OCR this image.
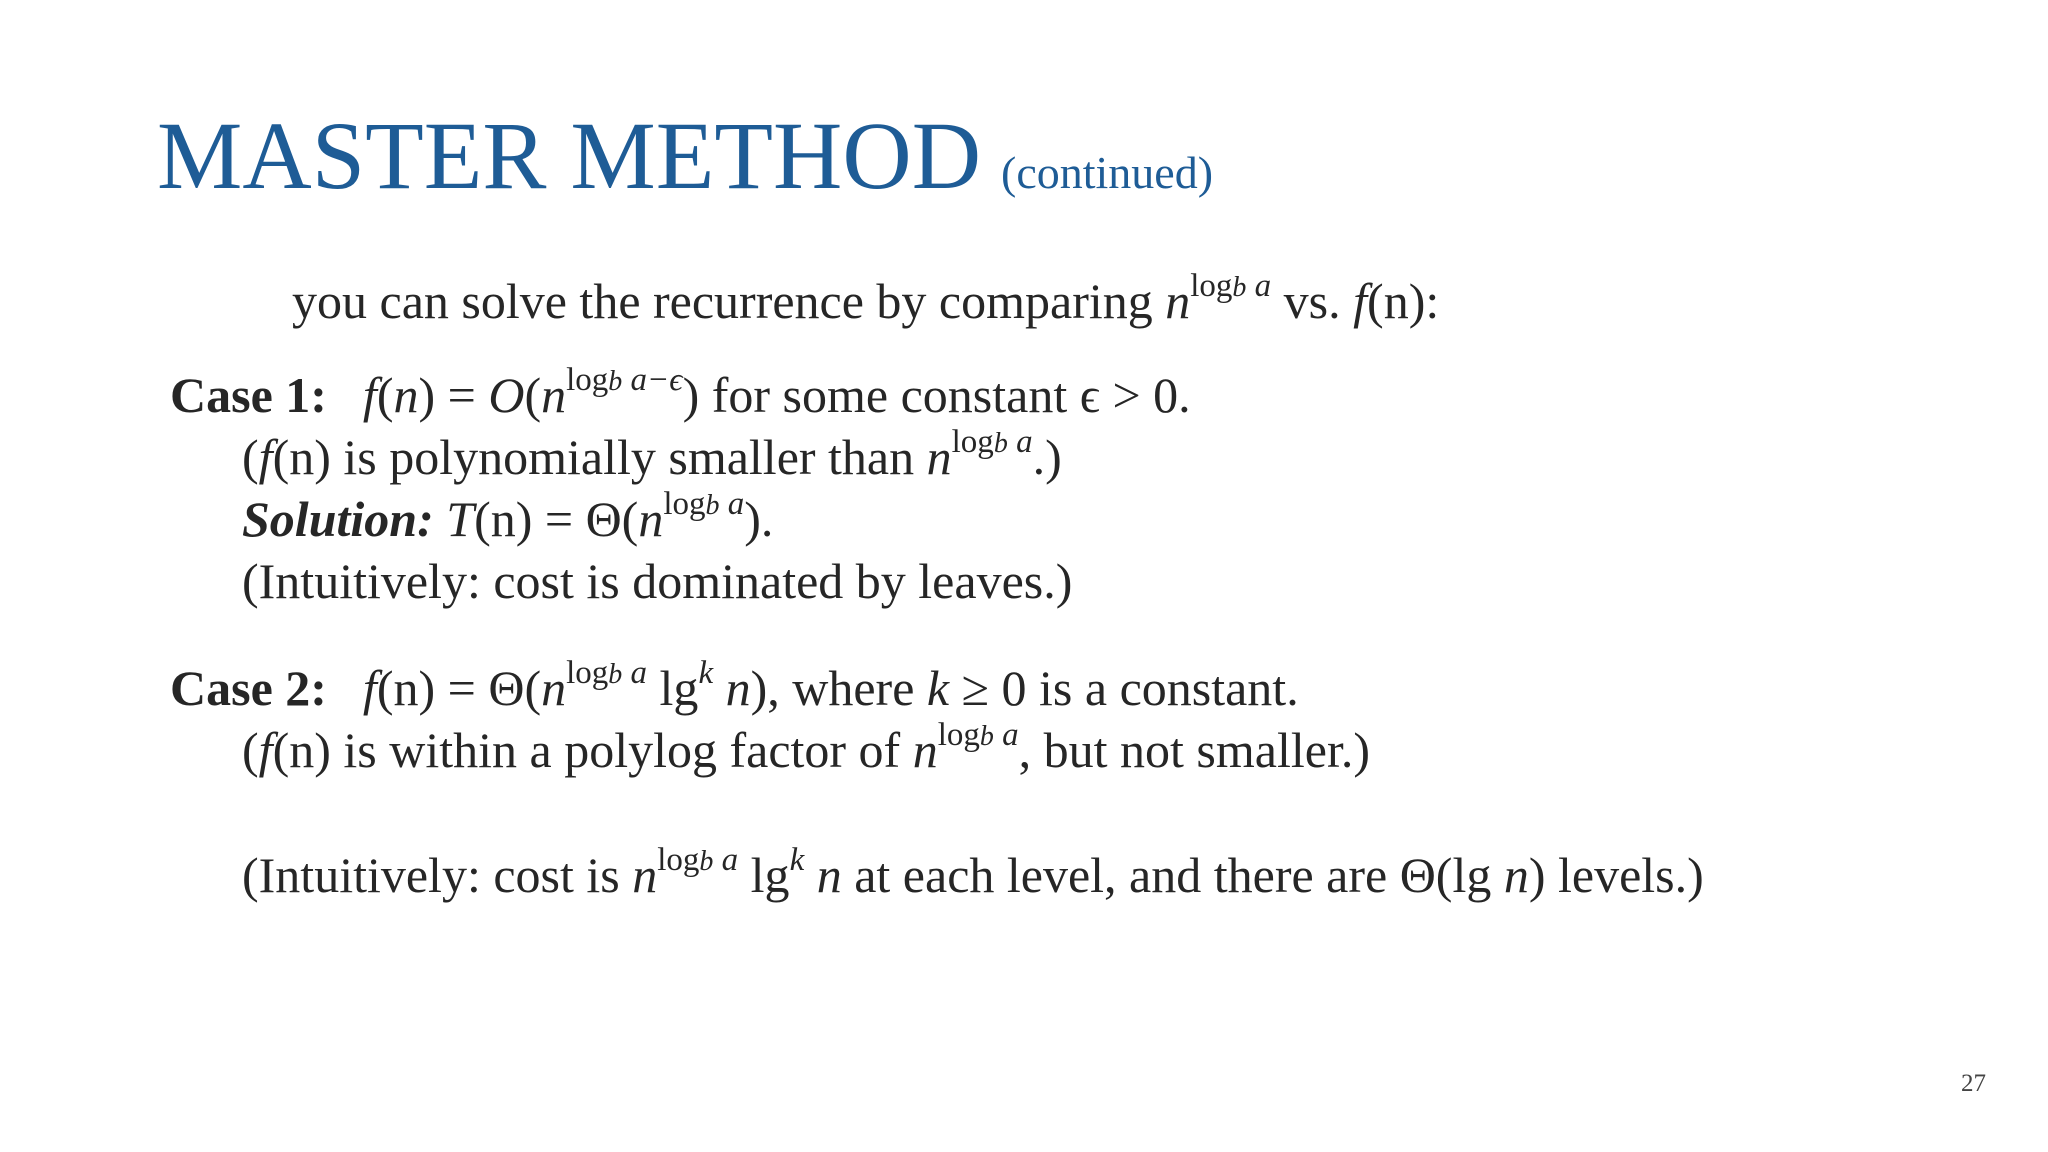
MASTER METHOD (continued)
you can solve the recurrence by comparing $n^{logb a}$ vs. f(n):
Case 1: $f(n) = O(n^{logb a-\epsilon})$ for some constant ϵ > 0.
(f(n) is polynomially smaller than $n^{logb a}$.)
Solution: $T(n) = \Theta(n^{logb a})$.
(Intuitively: cost is dominated by leaves.)
Case 2: $f(n) = \Theta(n^{logb a}$ $\lg^k n$), where k ≥ 0 is a constant.
(f(n) is within a polylog factor of $n^{logb a}$, but not smaller.)
(Intuitively: cost is $n^{logb a}$ $\lg^k n$ at each level, and there are Θ(lg n) levels.)
27
